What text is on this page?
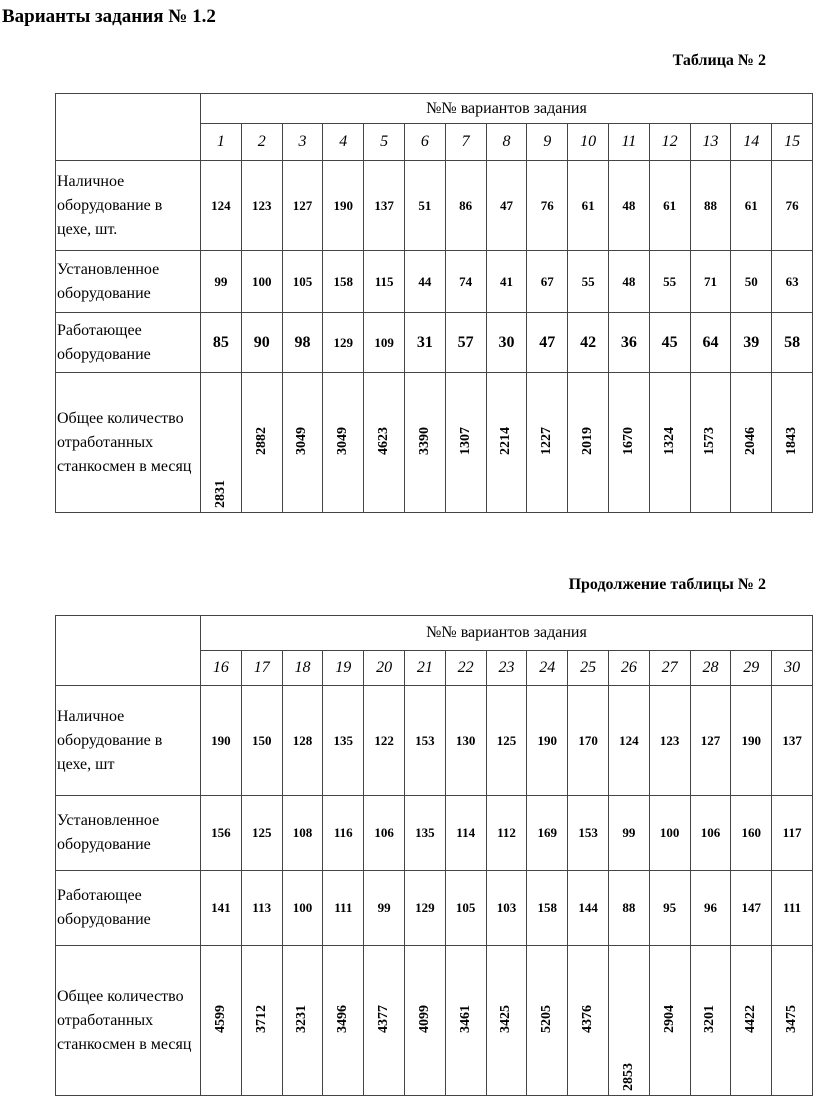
Варианты задания № 1.2
Таблица № 2
	№№ вариантов задания														
	1	2	3	4	5	6	7	8	9	10	11	12	13	14	15
Наличное оборудование в цехе, шт.	124	123	127	190	137	51	86	47	76	61	48	61	88	61	76
Установленное оборудование	99	100	105	158	115	44	74	41	67	55	48	55	71	50	63
Работающее оборудование	85	90	98	129	109	31	57	30	47	42	36	45	64	39	58
Общее количество отработанных станкосмен в месяц	2831	2882	3049	3049	4623	3390	1307	2214	1227	2019	1670	1324	1573	2046	1843
Продолжение таблицы № 2
	№№ вариантов задания														
	16	17	18	19	20	21	22	23	24	25	26	27	28	29	30
Наличное оборудование в цехе, шт	190	150	128	135	122	153	130	125	190	170	124	123	127	190	137
Установленное оборудование	156	125	108	116	106	135	114	112	169	153	99	100	106	160	117
Работающее оборудование	141	113	100	111	99	129	105	103	158	144	88	95	96	147	111
Общее количество отработанных станкосмен в месяц	4599	3712	3231	3496	4377	4099	3461	3425	5205	4376	2853	2904	3201	4422	3475
